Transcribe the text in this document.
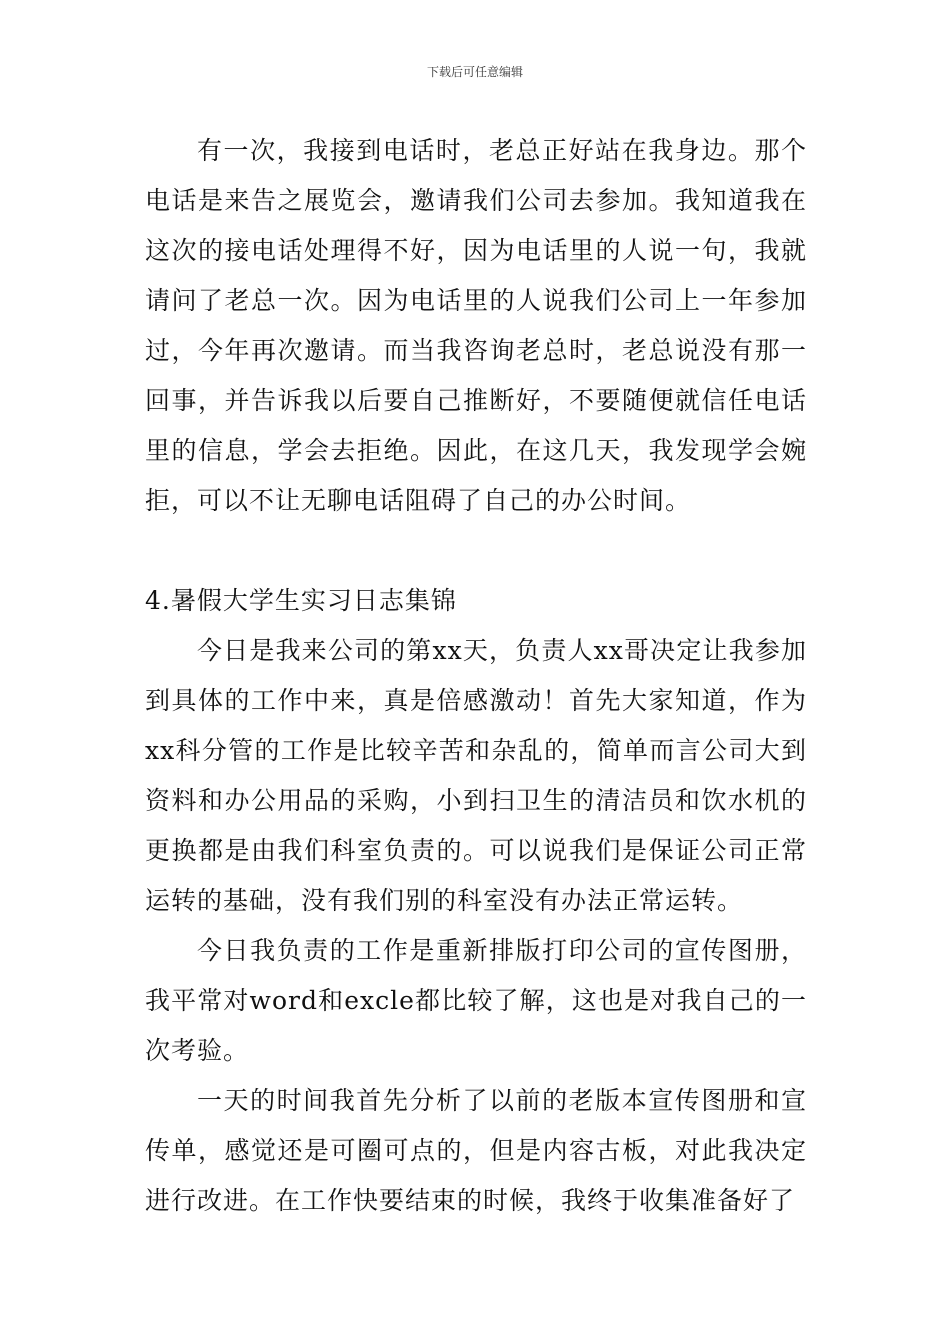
下载后可任意编辑

有一次，我接到电话时，老总正好站在我身边。那个电话是来告之展览会，邀请我们公司去参加。我知道我在这次的接电话处理得不好，因为电话里的人说一句，我就请问了老总一次。因为电话里的人说我们公司上一年参加过，今年再次邀请。而当我咨询老总时，老总说没有那一回事，并告诉我以后要自己推断好，不要随便就信任电话里的信息，学会去拒绝。因此，在这几天，我发现学会婉拒，可以不让无聊电话阻碍了自己的办公时间。

4.暑假大学生实习日志集锦

今日是我来公司的第xx天，负责人xx哥决定让我参加到具体的工作中来，真是倍感激动！首先大家知道，作为xx科分管的工作是比较辛苦和杂乱的，简单而言公司大到资料和办公用品的采购，小到扫卫生的清洁员和饮水机的更换都是由我们科室负责的。可以说我们是保证公司正常运转的基础，没有我们别的科室没有办法正常运转。

今日我负责的工作是重新排版打印公司的宣传图册，我平常对word和excle都比较了解，这也是对我自己的一次考验。

一天的时间我首先分析了以前的老版本宣传图册和宣传单，感觉还是可圈可点的，但是内容古板，对此我决定进行改进。在工作快要结束的时候，我终于收集准备好了
